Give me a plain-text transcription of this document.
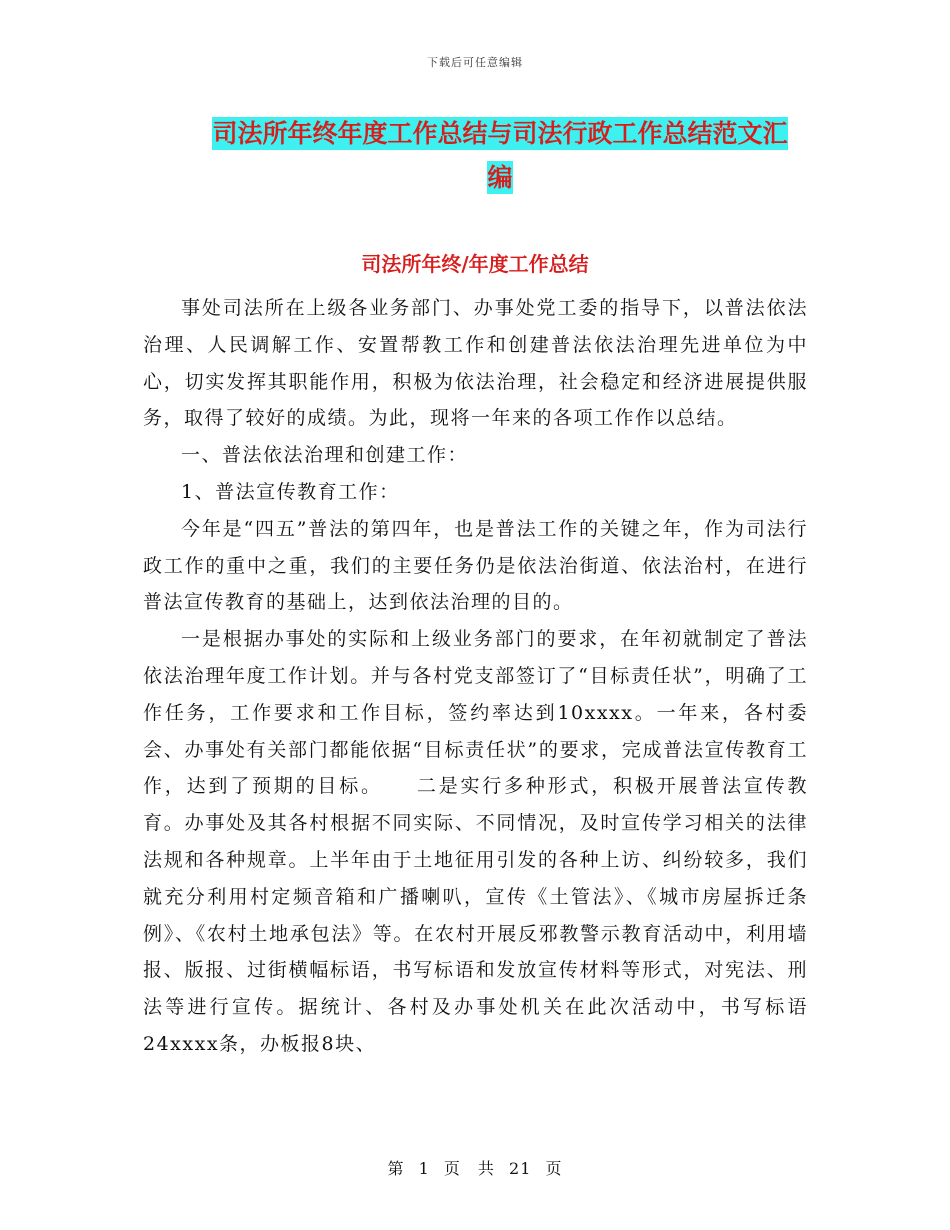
下载后可任意编辑
司法所年终年度工作总结与司法行政工作总结范文汇
编
司法所年终/年度工作总结

事处司法所在上级各业务部门、办事处党工委的指导下，以普法依法治理、人民调解工作、安置帮教工作和创建普法依法治理先进单位为中心，切实发挥其职能作用，积极为依法治理，社会稳定和经济进展提供服务，取得了较好的成绩。为此，现将一年来的各项工作作以总结。

一、普法依法治理和创建工作：

1、普法宣传教育工作：

今年是“四五”普法的第四年，也是普法工作的关键之年，作为司法行政工作的重中之重，我们的主要任务仍是依法治街道、依法治村，在进行普法宣传教育的基础上，达到依法治理的目的。

一是根据办事处的实际和上级业务部门的要求，在年初就制定了普法依法治理年度工作计划。并与各村党支部签订了“目标责任状”，明确了工作任务，工作要求和工作目标，签约率达到10xxxx。一年来，各村委会、办事处有关部门都能依据“目标责任状”的要求，完成普法宣传教育工作，达到了预期的目标。　　二是实行多种形式，积极开展普法宣传教育。办事处及其各村根据不同实际、不同情况，及时宣传学习相关的法律法规和各种规章。上半年由于土地征用引发的各种上访、纠纷较多，我们就充分利用村定频音箱和广播喇叭，宣传《土管法》、《城市房屋拆迁条例》、《农村土地承包法》等。在农村开展反邪教警示教育活动中，利用墙报、版报、过街横幅标语，书写标语和发放宣传材料等形式，对宪法、刑法等进行宣传。据统计、各村及办事处机关在此次活动中，书写标语24xxxx条，办板报8块、

第 1 页　共 21 页
